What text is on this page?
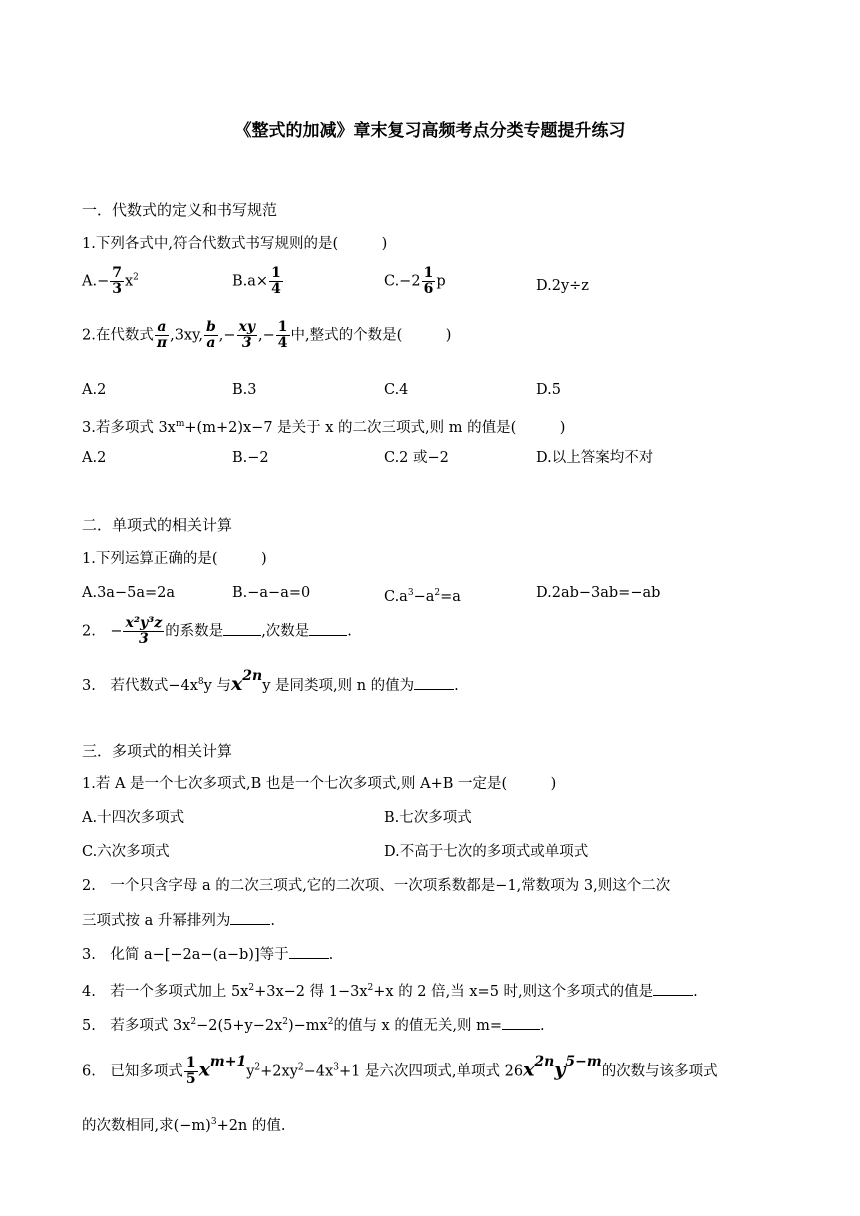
《整式的加减》章末复习高频考点分类专题提升练习
一．代数式的定义和书写规范
1.下列各式中,符合代数式书写规则的是(　　　)
$A.- \frac{7}{3} x^2$	$B.a\times \frac{1}{4}$	$C.-2 \frac{1}{6}$ p	D.2y÷z
2.在代数式 $\frac{a}{\pi} ,3xy$, $\frac{b}{a}$ ,− $\frac{xy}{3}$ ,− $\frac{1}{4}$ 中,整式的个数是(　　　)
A.2	B.3	C.4	D.5
3.若多项式 $3x^m+(m+2)x-7$ 是关于 x 的二次三项式,则 m 的值是(　　　)
A.2	B.−2	C.2 或−2	D.以上答案均不对
二．单项式的相关计算
1.下列运算正确的是(　　　)
A.3a−5a=2a	B.−a−a=0	$C.a^3-a^2=a$	D.2ab−3ab=−ab
2.　− $\frac{\text{x²y³z}}{3}$ 的系数是	,次数是	.
3.　若代数式$-4x^8y$ 与x2ny 是同类项,则 n 的值为	.
三．多项式的相关计算
1.若 A 是一个七次多项式,B 也是一个七次多项式,则 A+B 一定是(　　　)
A.十四次多项式	B.七次多项式
C.六次多项式	D.不高于七次的多项式或单项式
2.　一个只含字母 a 的二次三项式,它的二次项、一次项系数都是−1,常数项为 3,则这个二次
三项式按 a 升幂排列为	.
3.　化简 a−[−2a−(a−b)]等于	.
4.　若一个多项式加上 $5x^2+3x-2$ 得 $1-3x^2+x$ 的 2 倍,当 x=5 时,则这个多项式的值是	.
5.　若多项式 $3x^2-2(5+y-2x^2)-mx^2$的值与 x 的值无关,则 m=	.
6.　已知多项式 $\frac{1}{5} xm+1y^2+2xy^2-4x^3+1$ 是六次四项式,单项式 26x2ny5−m的次数与该多项式
的次数相同,求$(-m)^3+2n$ 的值.
